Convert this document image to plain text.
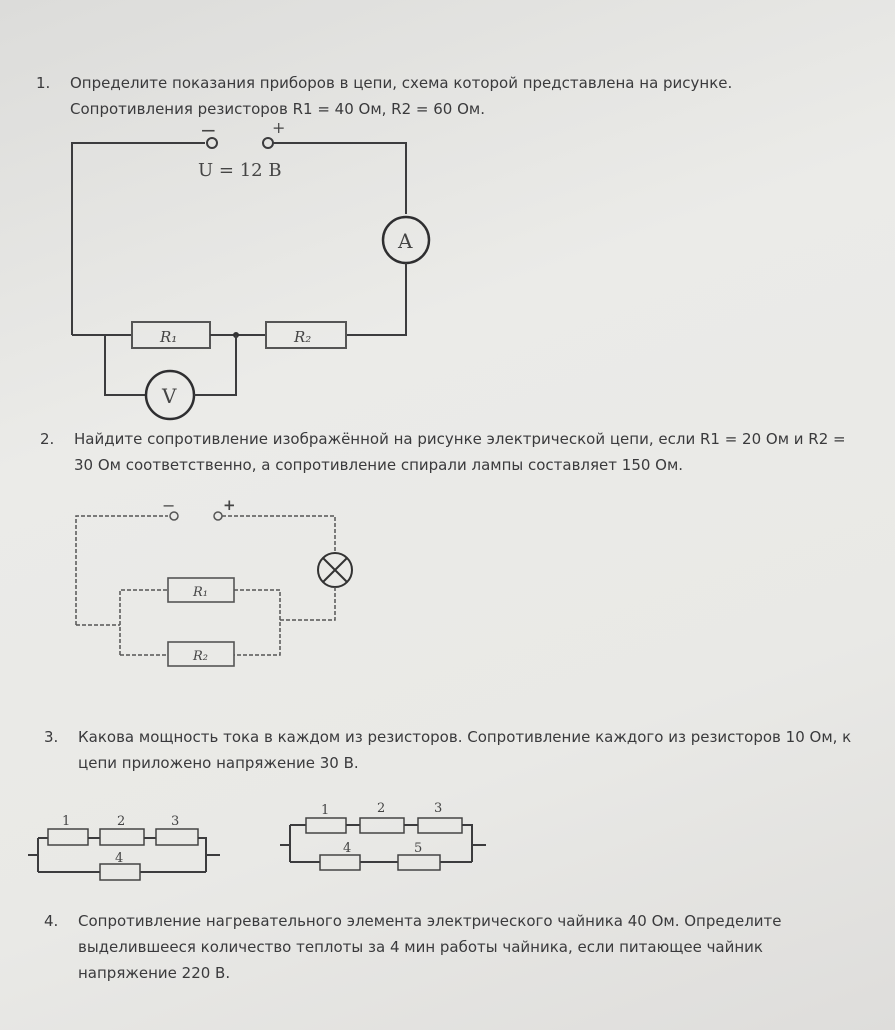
1. Определите показания приборов в цепи, схема которой представлена на рисунке.
Сопротивления резисторов R1 = 40 Ом, R2 = 60 Ом.
−	+
U = 12 В
A
R₁	R₂
V
2. Найдите сопротивление изображённой на рисунке электрической цепи, если R1 = 20 Ом и R2 =
30 Ом соответственно, а сопротивление спирали лампы составляет 150 Ом.
−	+
R₁
R₂
3. Какова мощность тока в каждом из резисторов. Сопротивление каждого из резисторов 10 Ом, к
цепи приложено напряжение 30 В.
1	2	3
4
1	2	3
4	5
4. Сопротивление нагревательного элемента электрического чайника 40 Ом. Определите
выделившееся количество теплоты за 4 мин работы чайника, если питающее чайник
напряжение 220 В.
